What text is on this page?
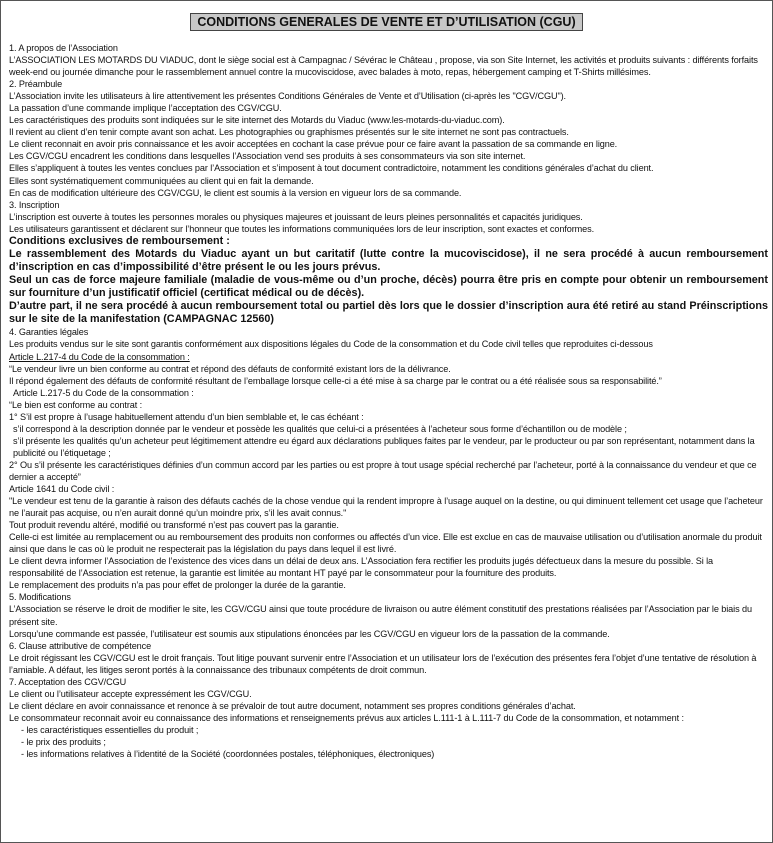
CONDITIONS GENERALES DE VENTE ET D’UTILISATION (CGU)

1. A propos de l’Association

L’ASSOCIATION LES MOTARDS DU VIADUC, dont le siège social est à Campagnac / Sévérac le Château , propose, via son Site Internet, les activités et produits suivants : différents forfaits week-end ou journée dimanche pour le rassemblement annuel contre la mucoviscidose, avec balades à moto, repas, hébergement camping et T-Shirts millésimes.

2. Préambule

L’Association invite les utilisateurs à lire attentivement les présentes Conditions Générales de Vente et d’Utilisation (ci-après les "CGV/CGU").

La passation d’une commande implique l’acceptation des CGV/CGU.

Les caractéristiques des produits sont indiquées sur le site internet des Motards du Viaduc (www.les-motards-du-viaduc.com).

Il revient au client d’en tenir compte avant son achat. Les photographies ou graphismes présentés sur le site internet ne sont pas contractuels.

Le client reconnait en avoir pris connaissance et les avoir acceptées en cochant la case prévue pour ce faire avant la passation de sa commande en ligne.

Les CGV/CGU encadrent les conditions dans lesquelles l’Association vend ses produits à ses consommateurs via son site internet.

Elles s’appliquent à toutes les ventes conclues par l’Association et s’imposent à tout document contradictoire, notamment les conditions générales d’achat du client.

Elles sont systématiquement communiquées au client qui en fait la demande.

En cas de modification ultérieure des CGV/CGU, le client est soumis à la version en vigueur lors de sa commande.

3. Inscription

L’inscription est ouverte à toutes les personnes morales ou physiques majeures et jouissant de leurs pleines personnalités et capacités juridiques.

Les utilisateurs garantissent et déclarent sur l’honneur que toutes les informations communiquées lors de leur inscription, sont exactes et conformes.

Conditions exclusives de remboursement :

Le rassemblement des Motards du Viaduc ayant un but caritatif (lutte contre la mucoviscidose), il ne sera procédé à aucun remboursement d’inscription en cas d’impossibilité d’être présent le ou les jours prévus.

Seul un cas de force majeure familiale (maladie de vous-même ou d’un proche, décès) pourra être pris en compte pour obtenir un remboursement sur fourniture d’un justificatif officiel (certificat médical ou de décès).

D’autre part, il ne sera procédé à aucun remboursement total ou partiel dès lors que le dossier d’inscription aura été retiré au stand Préinscriptions sur le site de la manifestation (CAMPAGNAC 12560)

4. Garanties légales

Les produits vendus sur le site sont garantis conformément aux dispositions légales du Code de la consommation et du Code civil telles que reproduites ci-dessous

Article L.217-4 du Code de la consommation :

“Le vendeur livre un bien conforme au contrat et répond des défauts de conformité existant lors de la délivrance.

Il répond également des défauts de conformité résultant de l’emballage lorsque celle-ci a été mise à sa charge par le contrat ou a été réalisée sous sa responsabilité.”

Article L.217-5 du Code de la consommation :

“Le bien est conforme au contrat :

1° S’il est propre à l’usage habituellement attendu d’un bien semblable et, le cas échéant :

s’il correspond à la description donnée par le vendeur et possède les qualités que celui-ci a présentées à l’acheteur sous forme d’échantillon ou de modèle ;

s’il présente les qualités qu’un acheteur peut légitimement attendre eu égard aux déclarations publiques faites par le vendeur, par le producteur ou par son représentant, notamment dans la publicité ou l’étiquetage ;

2° Ou s’il présente les caractéristiques définies d’un commun accord par les parties ou est propre à tout usage spécial recherché par l’acheteur, porté à la connaissance du vendeur et que ce dernier a accepté”

Article 1641 du Code civil :

"Le vendeur est tenu de la garantie à raison des défauts cachés de la chose vendue qui la rendent impropre à l’usage auquel on la destine, ou qui diminuent tellement cet usage que l’acheteur ne l’aurait pas acquise, ou n’en aurait donné qu’un moindre prix, s’il les avait connus."

Tout produit revendu altéré, modifié ou transformé n’est pas couvert pas la garantie.

Celle-ci est limitée au remplacement ou au remboursement des produits non conformes ou affectés d’un vice. Elle est exclue en cas de mauvaise utilisation ou d’utilisation anormale du produit ainsi que dans le cas où le produit ne respecterait pas la législation du pays dans lequel il est livré.

Le client devra informer l’Association de l’existence des vices dans un délai de deux ans. L’Association fera rectifier les produits jugés défectueux dans la mesure du possible. Si la responsabilité de l’Association est retenue, la garantie est limitée au montant HT payé par le consommateur pour la fourniture des produits.

Le remplacement des produits n’a pas pour effet de prolonger la durée de la garantie.

5. Modifications

L’Association se réserve le droit de modifier le site, les CGV/CGU ainsi que toute procédure de livraison ou autre élément constitutif des prestations réalisées par l’Association par le biais du présent site.

Lorsqu’une commande est passée, l’utilisateur est soumis aux stipulations énoncées par les CGV/CGU en vigueur lors de la passation de la commande.

6. Clause attributive de compétence

Le droit régissant les CGV/CGU est le droit français. Tout litige pouvant survenir entre l’Association et un utilisateur lors de l’exécution des présentes fera l’objet d’une tentative de résolution à l’amiable. A défaut, les litiges seront portés à la connaissance des tribunaux compétents de droit commun.

7. Acceptation des CGV/CGU

Le client ou l’utilisateur accepte expressément les CGV/CGU.

Le client déclare en avoir connaissance et renonce à se prévaloir de tout autre document, notamment ses propres conditions générales d’achat.

Le consommateur reconnait avoir eu connaissance des informations et renseignements prévus aux articles L.111-1 à L.111-7 du Code de la consommation, et notamment :

- les caractéristiques essentielles du produit ;

- le prix des produits ;

- les informations relatives à l’identité de la Société (coordonnées postales, téléphoniques, électroniques)
